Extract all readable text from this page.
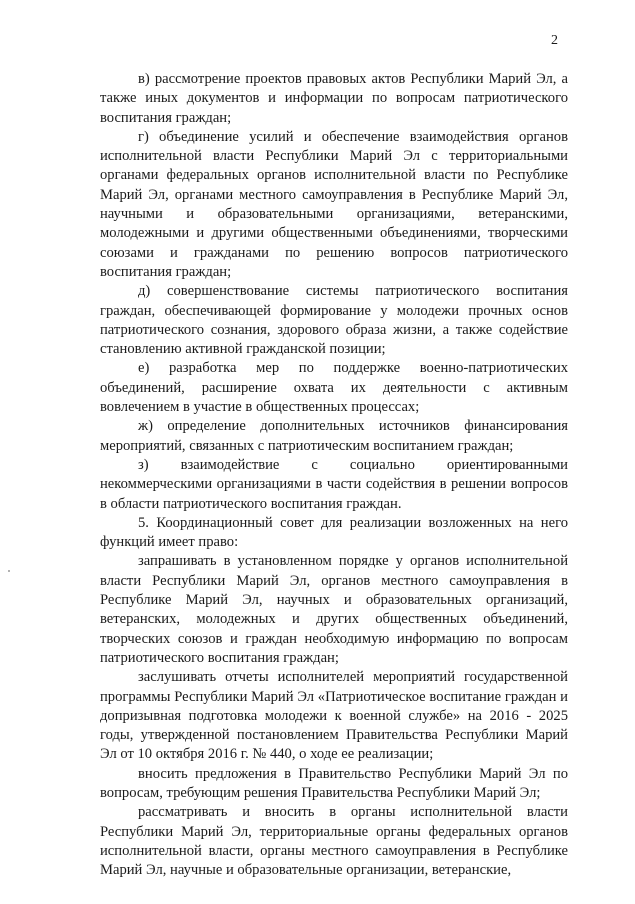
2

в) рассмотрение проектов правовых актов Республики Марий Эл, а также иных документов и информации по вопросам патриотического воспитания граждан;

г) объединение усилий и обеспечение взаимодействия органов исполнительной власти Республики Марий Эл с территориальными органами федеральных органов исполнительной власти по Республике Марий Эл, органами местного самоуправления в Республике Марий Эл, научными и образовательными организациями, ветеранскими, молодежными и другими общественными объединениями, творческими союзами и гражданами по решению вопросов патриотического воспитания граждан;

д) совершенствование системы патриотического воспитания граждан, обеспечивающей формирование у молодежи прочных основ патриотического сознания, здорового образа жизни, а также содействие становлению активной гражданской позиции;

е) разработка мер по поддержке военно-патриотических объединений, расширение охвата их деятельности с активным вовлечением в участие в общественных процессах;

ж) определение дополнительных источников финансирования мероприятий, связанных с патриотическим воспитанием граждан;

з) взаимодействие с социально ориентированными некоммерческими организациями в части содействия в решении вопросов в области патриотического воспитания граждан.

5. Координационный совет для реализации возложенных на него функций имеет право:

запрашивать в установленном порядке у органов исполнительной власти Республики Марий Эл, органов местного самоуправления в Республике Марий Эл, научных и образовательных организаций, ветеранских, молодежных и других общественных объединений, творческих союзов и граждан необходимую информацию по вопросам патриотического воспитания граждан;

заслушивать отчеты исполнителей мероприятий государственной программы Республики Марий Эл «Патриотическое воспитание граждан и допризывная подготовка молодежи к военной службе» на 2016 - 2025 годы, утвержденной постановлением Правительства Республики Марий Эл от 10 октября 2016 г. № 440, о ходе ее реализации;

вносить предложения в Правительство Республики Марий Эл по вопросам, требующим решения Правительства Республики Марий Эл;

рассматривать и вносить в органы исполнительной власти Республики Марий Эл, территориальные органы федеральных органов исполнительной власти, органы местного самоуправления в Республике Марий Эл, научные и образовательные организации, ветеранские,
